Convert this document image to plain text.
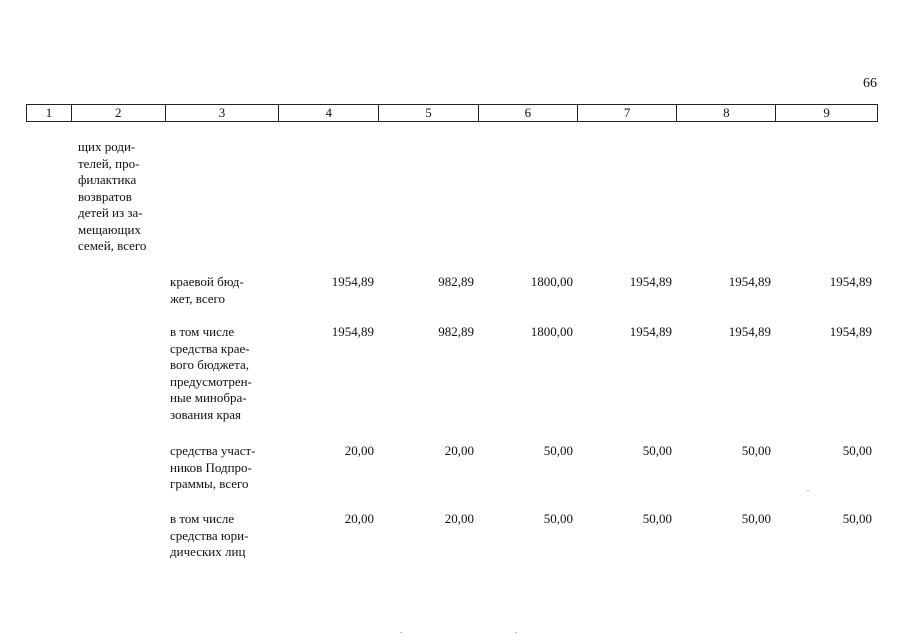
66
1	2	3	4	5	6	7	8	9
щих роди-
телей, про-
филактика
возвратов
детей из за-
мещающих
семей, всего
краевой бюд-
жет, всего
1954,89	982,89	1800,00	1954,89	1954,89	1954,89
в том числе
средства крае-
вого бюджета,
предусмотрен-
ные минобра-
зования края
1954,89	982,89	1800,00	1954,89	1954,89	1954,89
средства участ-
ников Подпро-
граммы, всего
20,00	20,00	50,00	50,00	50,00	50,00
в том числе
средства юри-
дических лиц
20,00	20,00	50,00	50,00	50,00	50,00
